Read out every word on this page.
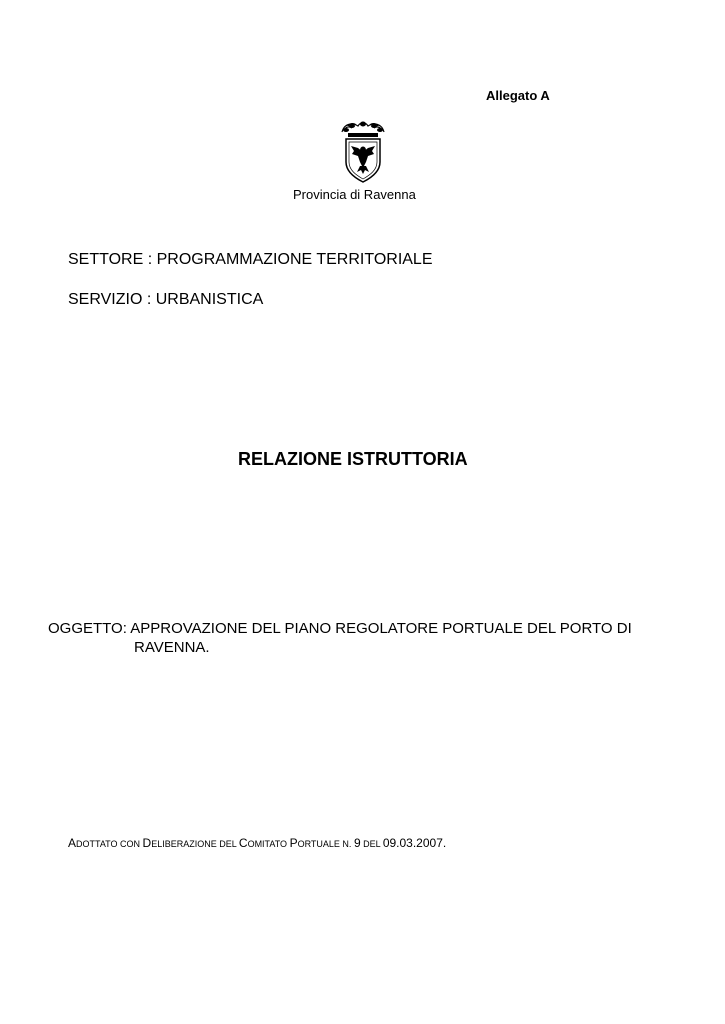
Allegato A
Provincia di Ravenna
SETTORE : PROGRAMMAZIONE TERRITORIALE
SERVIZIO : URBANISTICA
RELAZIONE ISTRUTTORIA
OGGETTO: APPROVAZIONE DEL PIANO REGOLATORE PORTUALE DEL PORTO DI
RAVENNA.
ADOTTATO CON DELIBERAZIONE DEL COMITATO PORTUALE N. 9 DEL 09.03.2007.
